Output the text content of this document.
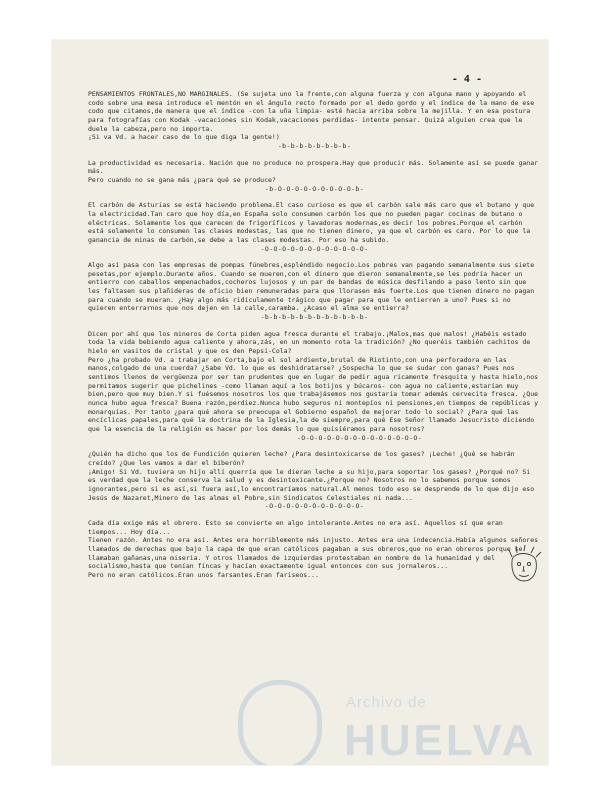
- 4 -

PENSAMIENTOS FRONTALES,NO MARGINALES. (Se sujeta uno la frente,con alguna fuerza y con alguna mano y apoyando el codo sobre una mesa introduce el mentón en el ángulo recto formado por el dedo gordo y el índice de la mano de ese codo que citamos,de manera que el índice -con la uña limpia- esté hacia arriba sobre la mejilla. Y en esa postura para fotografías con Kodak -vacaciones sin Kodak,vacaciones perdidas- intente pensar. Quizá alguien crea que le duele la cabeza,pero no importa.
¡Si va Vd. a hacer caso de lo que diga la gente!)

-b-b-b-b-b-b-b-b-

La productividad es necesaria. Nación que no produce no prospera.Hay que producir más. Solamente así se puede ganar más.
Pero cuando no se gana más ¿para qué se produce?

-b-O-O-O-O-O-O-O-O-O-b-

El carbón de Asturias se está haciendo problema.El caso curioso es que el carbón sale más caro que el butano y que la electricidad.Tan caro que hoy día,en España solo consumen carbón los que no pueden pagar cocinas de butano o eléctricas. Solamente los que carecen de frigoríficos y lavadoras modernas,es decir los pobres.Porque el carbón está solamente lo consumen las clases modestas, las que no tienen dinero, ya que el carbón es caro. Por lo que la ganancia de minas de carbón,se debe a las clases modestas. Por eso ha subido.

-O-O-O-O-O-O-O-O-O-O-O-O-

Algo así pasa con las empresas de pompas fúnebres,espléndido negocio.Los pobres van pagando semanalmente sus siete pesetas,por ejemplo.Durante años. Cuando se mueren,con el dinero que dieron semanalmente,se les podría hacer un entierro con caballos empenachados,cocheros lujosos y un par de bandas de música desfilando a paso lento sin que les faltasen sus plañideras de oficio bien remuneradas para que llorasen más fuerte.Los que tienen dinero no pagan para cuando se mueran. ¿Hay algo más ridículamente trágico que pagar para que le entierren a uno? Pues si no quieren enterrarnos que nos dejen en la calle,caramba. ¿Acaso el alma se entierra?

-b-b-b-b-b-b-b-b-b-b-b-b-

Dicen por ahí que los mineros de Corta piden agua fresca durante el trabajo.¡Malos,mas que malos! ¿Habéis estado toda la vida bebiendo agua caliente y ahora,zás, en un momento rota la tradición? ¿No queréis también cachitos de hielo en vasitos de cristal y que os den Pepsi-Cola?
Pero ¿ha probado Vd. a trabajar en Corta,bajo el sol ardiente,brutal de Riotinto,con una perforadora en las manos,colgado de una cuerda? ¿Sabe Vd. lo que es deshidratarse? ¿Sospecha lo que se sudar con ganas? Pues nos sentimos llenos de vergüenza por ser tan prudentes que en lugar de pedir agua ricamente fresquita y hasta hielo,nos permitamos sugerir que pichelines -como llaman aquí a los botijos y búcaros- con agua no caliente,estarían muy bien,pero que muy bien.Y si fuésemos nosotros los que trabajásemos nos gustaría tomar además cervecita fresca. ¿Que nunca hubo agua fresca? Buena razón,perdiez.Nunca hubo seguros ni montepíos ni pensiones,en tiempos de repúblicas y monarquías. Por tanto ¿para qué ahora se preocupa el Gobierno español de mejorar todo lo social? ¿Para qué las encíclicas papales,para qué la doctrina de la Iglesia,la de siempre,para qué Ese Señor llamado Jesucristo diciendo que la esencia de la religión es hacer por los demás lo que quisiéramos para nosotros?

-O-O-O-O-O-O-O-O-O-O-O-O-O-O-

¿Quién ha dicho que los de Fundición quieren leche? ¿Para desintoxicarse de los gases? ¡Leche! ¿Qué se habrán creído? ¿Que les vamos a dar el biberón?
¡Amigo! Si Vd. tuviera un hijo allí querría que le dieran leche a su hijo,para soportar los gases? ¿Porqué no? Si es verdad que la leche conserva la salud y es desintoxicante.¿Porque no? Nosotros no lo sabemos porque somos ignorantes,pero si es así,si fuera así,lo encontraríamos natural.Al menos todo eso se desprende de lo que dijo eso Jesús de Nazaret,Minero de las almas el Pobre,sin Sindicatos Celestiales ni nada...

-O-O-O-O-O-O-O-O-O-O-O-

Cada día exige más el obrero. Esto se convierte en algo intolerante.Antes no era así. Aquellos sí que eran tiempos... Hoy día...
Tienen razón. Antes no era así. Antes era horriblemente más injusto. Antes era una indecencia.Había algunos señores llamados de derechas que bajo la capa de que eran católicos pagaban a sus obreros,que no eran obreros porque se llamaban gañanas,una miseria. Y otros llamados de izquierdas protestaban en nombre de la humanidad y del socialismo,hasta que tenían fincas y hacían exactamente igual entonces con sus jornaleros...
Pero no eran católicos.Eran unos farsantes.Eran fariseos...

Archivo de
HUELVA
